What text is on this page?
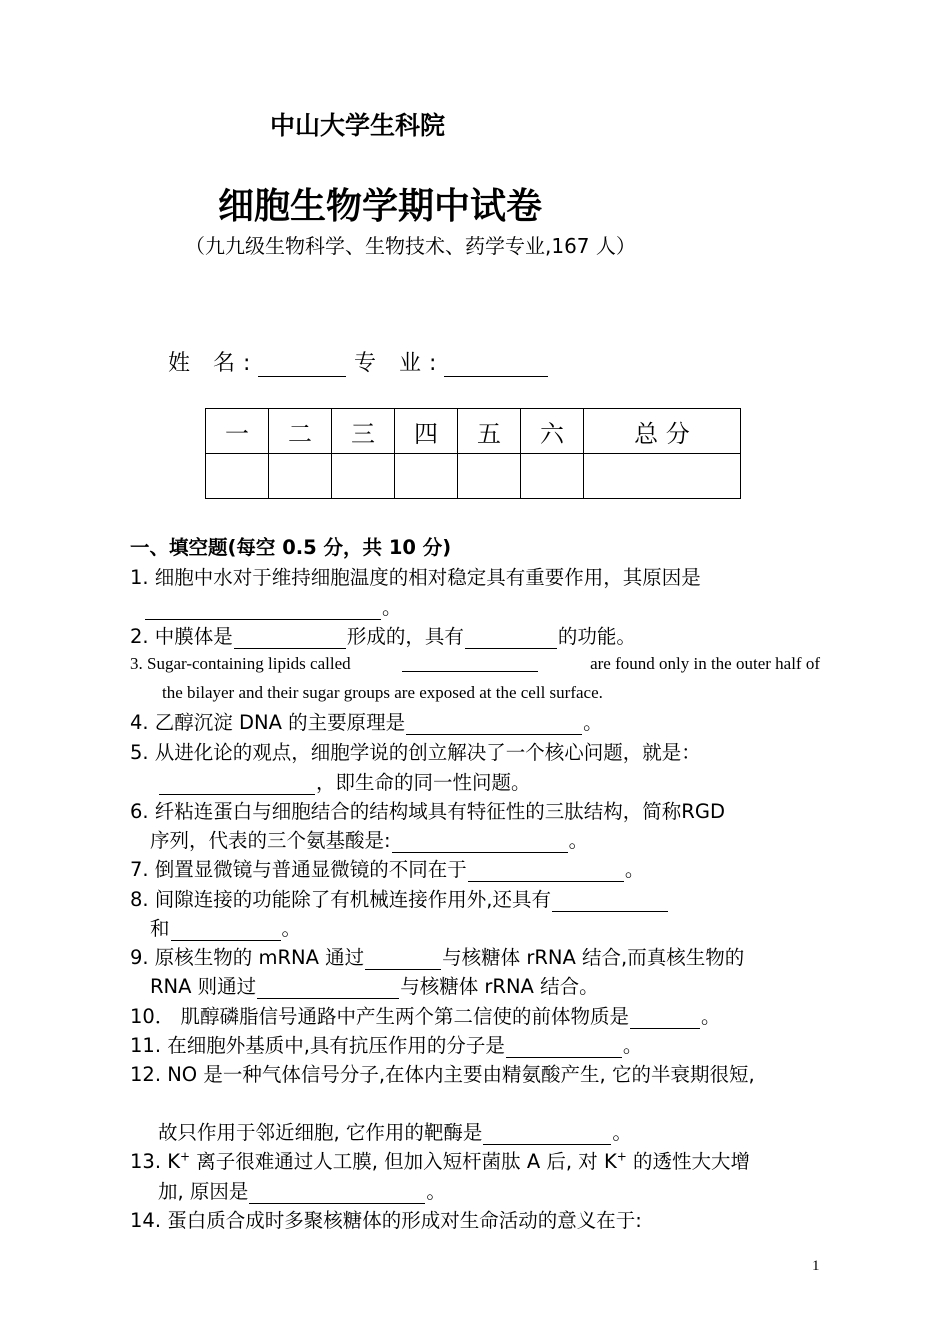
中山大学生科院
细胞生物学期中试卷
（九九级生物科学、生物技术、药学专业,167 人）
姓 名:	专 业:
一	二	三	四	五	六	总 分

一、填空题(每空 0.5 分，共 10 分)
1. 细胞中水对于维持细胞温度的相对稳定具有重要作用，其原因是
。
2. 中膜体是	形成的，具有	的功能。
3. Sugar-containing lipids called	are found only in the outer half of
the bilayer and their sugar groups are exposed at the cell surface.
4. 乙醇沉淀 DNA 的主要原理是	。
5. 从进化论的观点，细胞学说的创立解决了一个核心问题，就是：
，即生命的同一性问题。
6. 纤粘连蛋白与细胞结合的结构域具有特征性的三肽结构，简称RGD
序列，代表的三个氨基酸是:	。
7. 倒置显微镜与普通显微镜的不同在于	。
8. 间隙连接的功能除了有机械连接作用外,还具有
和	。
9. 原核生物的 mRNA 通过	与核糖体 rRNA 结合,而真核生物的
RNA 则通过	与核糖体 rRNA 结合。
10． 肌醇磷脂信号通路中产生两个第二信使的前体物质是	。
11. 在细胞外基质中,具有抗压作用的分子是	。
12. NO 是一种气体信号分子,在体内主要由精氨酸产生, 它的半衰期很短,
故只作用于邻近细胞, 它作用的靶酶是	。
13. K+ 离子很难通过人工膜, 但加入短杆菌肽 A 后, 对 K+ 的透性大大增
加, 原因是	。
14. 蛋白质合成时多聚核糖体的形成对生命活动的意义在于:
1
